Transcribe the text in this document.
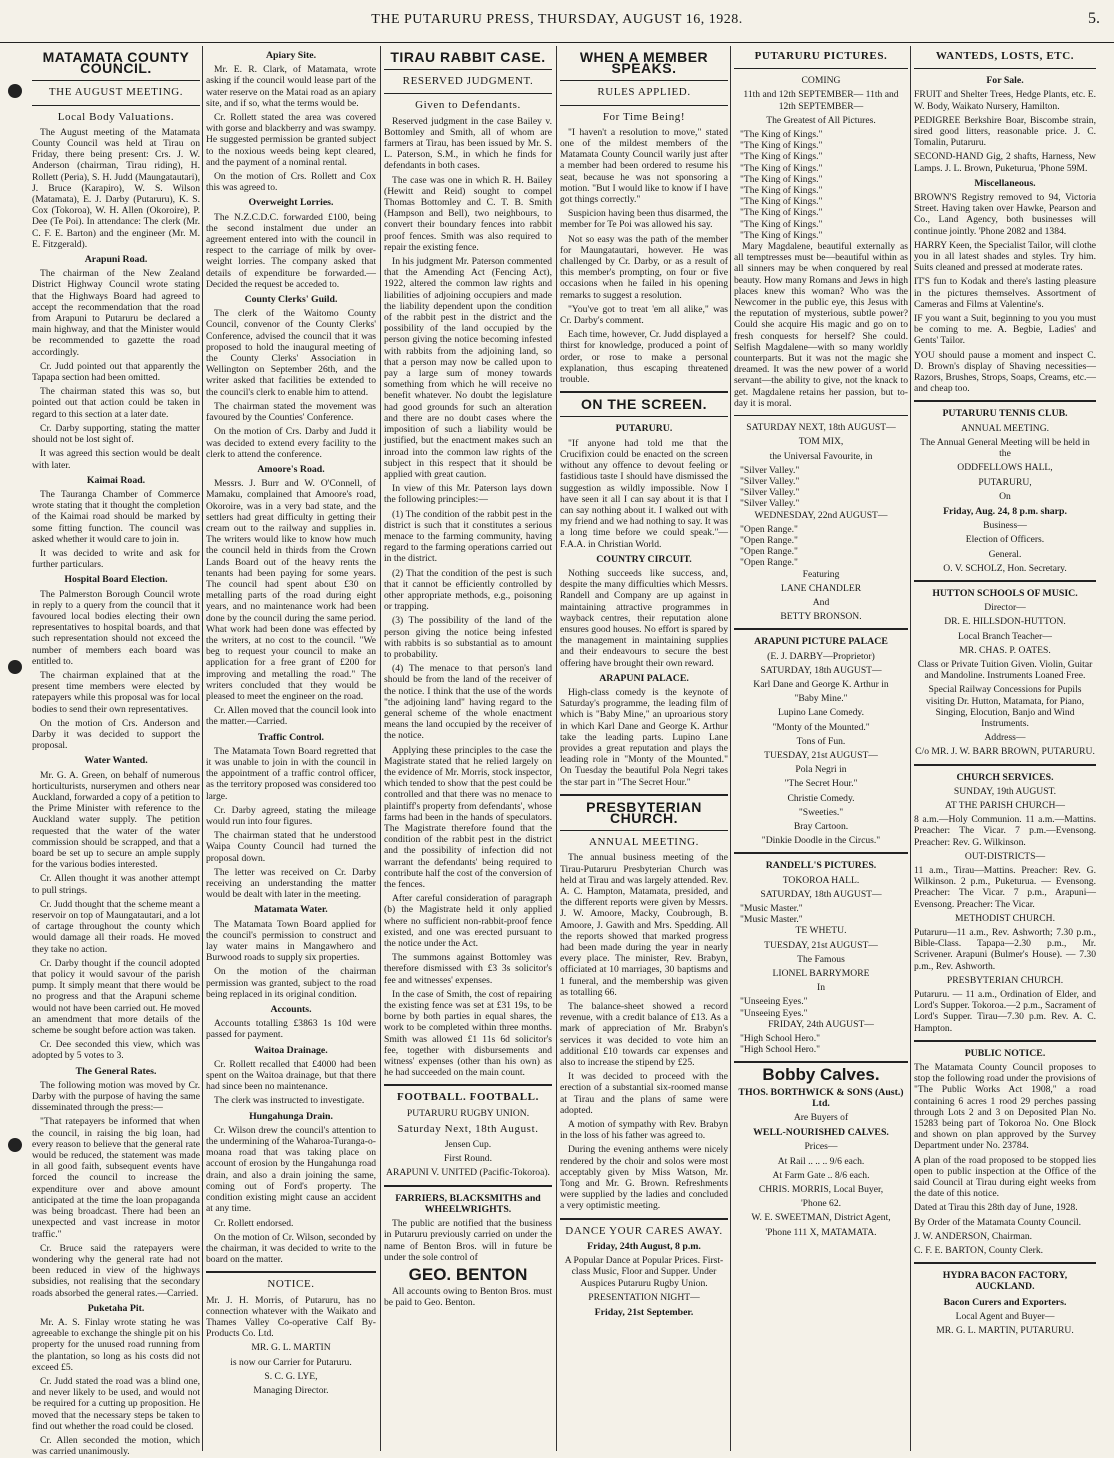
THE PUTARURU PRESS, THURSDAY, AUGUST 16, 1928.	5.
MATAMATA COUNTY COUNCIL.
THE AUGUST MEETING.
Local Body Valuations.

The August meeting of the Matamata County Council was held at Tirau on Friday, there being present: Crs. J. W. Anderson (chairman, Tirau riding), H. Rollett (Peria), S. H. Judd (Maungatautari), J. Bruce (Karapiro), W. S. Wilson (Matamata), E. J. Darby (Putaruru), K. S. Cox (Tokoroa), W. H. Allen (Okoroire), P. Dee (Te Poi). In attendance: The clerk (Mr. C. F. E. Barton) and the engineer (Mr. M. E. Fitzgerald).

Arapuni Road.

The chairman of the New Zealand District Highway Council wrote stating that the Highways Board had agreed to accept the recommendation that the road from Arapuni to Putaruru be declared a main highway, and that the Minister would be recommended to gazette the road accordingly.

Cr. Judd pointed out that apparently the Tapapa section had been omitted.

The chairman stated this was so, but pointed out that action could be taken in regard to this section at a later date.

Cr. Darby supporting, stating the matter should not be lost sight of.

It was agreed this section would be dealt with later.

Kaimai Road.

The Tauranga Chamber of Commerce wrote stating that it thought the completion of the Kaimai road should be marked by some fitting function. The council was asked whether it would care to join in.

It was decided to write and ask for further particulars.

Hospital Board Election.

The Palmerston Borough Council wrote in reply to a query from the council that it favoured local bodies electing their own representatives to hospital boards, and that such representation should not exceed the number of members each board was entitled to.

The chairman explained that at the present time members were elected by ratepayers while this proposal was for local bodies to send their own representatives.

On the motion of Crs. Anderson and Darby it was decided to support the proposal.

Water Wanted.

Mr. G. A. Green, on behalf of numerous horticulturists, nurserymen and others near Auckland, forwarded a copy of a petition to the Prime Minister with reference to the Auckland water supply. The petition requested that the water of the water commission should be scrapped, and that a board be set up to secure an ample supply for the various bodies interested.

Cr. Allen thought it was another attempt to pull strings.

Cr. Judd thought that the scheme meant a reservoir on top of Maungatautari, and a lot of cartage throughout the county which would damage all their roads. He moved they take no action.

Cr. Darby thought if the council adopted that policy it would savour of the parish pump. It simply meant that there would be no progress and that the Arapuni scheme would not have been carried out. He moved an amendment that more details of the scheme be sought before action was taken.

Cr. Dee seconded this view, which was adopted by 5 votes to 3.

The General Rates.

The following motion was moved by Cr. Darby with the purpose of having the same disseminated through the press:—

"That ratepayers be informed that when the council, in raising the big loan, had every reason to believe that the general rate would be reduced, the statement was made in all good faith, subsequent events have forced the council to increase the expenditure over and above amount anticipated at the time the loan propaganda was being broadcast. There had been an unexpected and vast increase in motor traffic."

Cr. Bruce said the ratepayers were wondering why the general rate had not been reduced in view of the highways subsidies, not realising that the secondary roads absorbed the general rates.—Carried.

Puketaha Pit.

Mr. A. S. Finlay wrote stating he was agreeable to exchange the shingle pit on his property for the unused road running from the plantation, so long as his costs did not exceed £5.

Cr. Judd stated the road was a blind one, and never likely to be used, and would not be required for a cutting up proposition. He moved that the necessary steps be taken to find out whether the road could be closed.

Cr. Allen seconded the motion, which was carried unanimously.

Apiary Site.

Mr. E. R. Clark, of Matamata, wrote asking if the council would lease part of the water reserve on the Matai road as an apiary site, and if so, what the terms would be.

Cr. Rollett stated the area was covered with gorse and blackberry and was swampy. He suggested permission be granted subject to the noxious weeds being kept cleared, and the payment of a nominal rental.

On the motion of Crs. Rollett and Cox this was agreed to.

Overweight Lorries.

The N.Z.C.D.C. forwarded £100, being the second instalment due under an agreement entered into with the council in respect to the carriage of milk by over-weight lorries. The company asked that details of expenditure be forwarded.—Decided the request be acceded to.

County Clerks' Guild.

The clerk of the Waitomo County Council, convenor of the County Clerks' Conference, advised the council that it was proposed to hold the inaugural meeting of the County Clerks' Association in Wellington on September 26th, and the writer asked that facilities be extended to the council's clerk to enable him to attend.

The chairman stated the movement was favoured by the Counties' Conference.

On the motion of Crs. Darby and Judd it was decided to extend every facility to the clerk to attend the conference.

Amoore's Road.

Messrs. J. Burr and W. O'Connell, of Mamaku, complained that Amoore's road, Okoroire, was in a very bad state, and the settlers had great difficulty in getting their cream out to the railway and supplies in. The writers would like to know how much the council held in thirds from the Crown Lands Board out of the heavy rents the tenants had been paying for some years. The council had spent about £30 on metalling parts of the road during eight years, and no maintenance work had been done by the council during the same period. What work had been done was effected by the writers, at no cost to the council. "We beg to request your council to make an application for a free grant of £200 for improving and metalling the road." The writers concluded that they would be pleased to meet the engineer on the road.

Cr. Allen moved that the council look into the matter.—Carried.

Traffic Control.

The Matamata Town Board regretted that it was unable to join in with the council in the appointment of a traffic control officer, as the territory proposed was considered too large.

Cr. Darby agreed, stating the mileage would run into four figures.

The chairman stated that he understood Waipa County Council had turned the proposal down.

The letter was received on Cr. Darby receiving an understanding the matter would be dealt with later in the meeting.

Matamata Water.

The Matamata Town Board applied for the council's permission to construct and lay water mains in Mangawhero and Burwood roads to supply six properties.

On the motion of the chairman permission was granted, subject to the road being replaced in its original condition.

Accounts.

Accounts totalling £3863 1s 10d were passed for payment.

Waitoa Drainage.

Cr. Rollett recalled that £4000 had been spent on the Waitoa drainage, but that there had since been no maintenance.

The clerk was instructed to investigate.

Hungahunga Drain.

Cr. Wilson drew the council's attention to the undermining of the Waharoa-Turanga-o-moana road that was taking place on account of erosion by the Hungahunga road drain, and also a drain joining the same, coming out of Ford's property. The condition existing might cause an accident at any time.

Cr. Rollett endorsed.

On the motion of Cr. Wilson, seconded by the chairman, it was decided to write to the board on the matter.

NOTICE.

Mr. J. H. Morris, of Putaruru, has no connection whatever with the Waikato and Thames Valley Co-operative Calf By-Products Co. Ltd.

MR. G. L. MARTIN

is now our Carrier for Putaruru.

S. C. G. LYE,

Managing Director.

TIRAU RABBIT CASE.
RESERVED JUDGMENT.
Given to Defendants.

Reserved judgment in the case Bailey v. Bottomley and Smith, all of whom are farmers at Tirau, has been issued by Mr. S. L. Paterson, S.M., in which he finds for defendants in both cases.

The case was one in which R. H. Bailey (Hewitt and Reid) sought to compel Thomas Bottomley and C. T. B. Smith (Hampson and Bell), two neighbours, to convert their boundary fences into rabbit proof fences. Smith was also required to repair the existing fence.

In his judgment Mr. Paterson commented that the Amending Act (Fencing Act), 1922, altered the common law rights and liabilities of adjoining occupiers and made the liability dependent upon the condition of the rabbit pest in the district and the possibility of the land occupied by the person giving the notice becoming infested with rabbits from the adjoining land, so that a person may now be called upon to pay a large sum of money towards something from which he will receive no benefit whatever. No doubt the legislature had good grounds for such an alteration and there are no doubt cases where the imposition of such a liability would be justified, but the enactment makes such an inroad into the common law rights of the subject in this respect that it should be applied with great caution.

In view of this Mr. Paterson lays down the following principles:—

(1) The condition of the rabbit pest in the district is such that it constitutes a serious menace to the farming community, having regard to the farming operations carried out in the district.

(2) That the condition of the pest is such that it cannot be efficiently controlled by other appropriate methods, e.g., poisoning or trapping.

(3) The possibility of the land of the person giving the notice being infested with rabbits is so substantial as to amount to probability.

(4) The menace to that person's land should be from the land of the receiver of the notice. I think that the use of the words "the adjoining land" having regard to the general scheme of the whole enactment means the land occupied by the receiver of the notice.

Applying these principles to the case the Magistrate stated that he relied largely on the evidence of Mr. Morris, stock inspector, which tended to show that the pest could be controlled and that there was no menace to plaintiff's property from defendants', whose farms had been in the hands of speculators. The Magistrate therefore found that the condition of the rabbit pest in the district and the possibility of infection did not warrant the defendants' being required to contribute half the cost of the conversion of the fences.

After careful consideration of paragraph (b) the Magistrate held it only applied where no sufficient non-rabbit-proof fence existed, and one was erected pursuant to the notice under the Act.

The summons against Bottomley was therefore dismissed with £3 3s solicitor's fee and witnesses' expenses.

In the case of Smith, the cost of repairing the existing fence was set at £31 19s, to be borne by both parties in equal shares, the work to be completed within three months. Smith was allowed £1 11s 6d solicitor's fee, together with disbursements and witness' expenses (other than his own) as he had succeeded on the main count.

FOOTBALL. FOOTBALL.

PUTARURU RUGBY UNION.

Saturday Next, 18th August.

Jensen Cup.

First Round.

ARAPUNI V. UNITED (Pacific-Tokoroa).

FARRIERS, BLACKSMITHS and WHEELWRIGHTS.

The public are notified that the business in Putaruru previously carried on under the name of Benton Bros. will in future be under the sole control of

GEO. BENTON

All accounts owing to Benton Bros. must be paid to Geo. Benton.

WHEN A MEMBER SPEAKS.
RULES APPLIED.
For Time Being!

"I haven't a resolution to move," stated one of the mildest members of the Matamata County Council warily just after a member had been ordered to resume his seat, because he was not sponsoring a motion. "But I would like to know if I have got things correctly."

Suspicion having been thus disarmed, the member for Te Poi was allowed his say.

Not so easy was the path of the member for Maungatautari, however. He was challenged by Cr. Darby, or as a result of this member's prompting, on four or five occasions when he failed in his opening remarks to suggest a resolution.

"You've got to treat 'em all alike," was Cr. Darby's comment.

Each time, however, Cr. Judd displayed a thirst for knowledge, produced a point of order, or rose to make a personal explanation, thus escaping threatened trouble.

ON THE SCREEN.
PUTARURU.

"If anyone had told me that the Crucifixion could be enacted on the screen without any offence to devout feeling or fastidious taste I should have dismissed the suggestion as wildly impossible. Now I have seen it all I can say about it is that I can say nothing about it. I walked out with my friend and we had nothing to say. It was a long time before we could speak."—F.A.A. in Christian World.

COUNTRY CIRCUIT.

Nothing succeeds like success, and, despite the many difficulties which Messrs. Randell and Company are up against in maintaining attractive programmes in wayback centres, their reputation alone ensures good houses. No effort is spared by the management in maintaining supplies and their endeavours to secure the best offering have brought their own reward.

ARAPUNI PALACE.

High-class comedy is the keynote of Saturday's programme, the leading film of which is "Baby Mine," an uproarious story in which Karl Dane and George K. Arthur take the leading parts. Lupino Lane provides a great reputation and plays the leading role in "Monty of the Mounted." On Tuesday the beautiful Pola Negri takes the star part in "The Secret Hour."

PRESBYTERIAN CHURCH.
ANNUAL MEETING.

The annual business meeting of the Tirau-Putaruru Presbyterian Church was held at Tirau and was largely attended. Rev. A. C. Hampton, Matamata, presided, and the different reports were given by Messrs. J. W. Amoore, Macky, Coubrough, B. Amoore, J. Gawith and Mrs. Spedding. All the reports showed that marked progress had been made during the year in nearly every place. The minister, Rev. Brabyn, officiated at 10 marriages, 30 baptisms and 1 funeral, and the membership was given as totalling 66.

The balance-sheet showed a record revenue, with a credit balance of £13. As a mark of appreciation of Mr. Brabyn's services it was decided to vote him an additional £10 towards car expenses and also to increase the stipend by £25.

It was decided to proceed with the erection of a substantial six-roomed manse at Tirau and the plans of same were adopted.

A motion of sympathy with Rev. Brabyn in the loss of his father was agreed to.

During the evening anthems were nicely rendered by the choir and solos were most acceptably given by Miss Watson, Mr. Tong and Mr. G. Brown. Refreshments were supplied by the ladies and concluded a very optimistic meeting.

DANCE YOUR CARES AWAY.
Friday, 24th August, 8 p.m.

A Popular Dance at Popular Prices. First-class Music, Floor and Supper. Under Auspices Putaruru Rugby Union.

PRESENTATION NIGHT—

Friday, 21st September.
PUTARURU PICTURES.

COMING

11th and 12th SEPTEMBER— 11th and 12th SEPTEMBER—

The Greatest of All Pictures.

"The King of Kings."

"The King of Kings."

"The King of Kings."

"The King of Kings."

"The King of Kings."

"The King of Kings."

"The King of Kings."

"The King of Kings."

"The King of Kings."

"The King of Kings."

Mary Magdalene, beautiful externally as all temptresses must be—beautiful within as all sinners may be when conquered by real beauty. How many Romans and Jews in high places knew this woman? Who was the Newcomer in the public eye, this Jesus with the reputation of mysterious, subtle power? Could she acquire His magic and go on to fresh conquests for herself? She could. Selfish Magdalene—with so many worldly counterparts. But it was not the magic she dreamed. It was the new power of a world servant—the ability to give, not the knack to get. Magdalene retains her passion, but to-day it is moral.

SATURDAY NEXT, 18th AUGUST—

TOM MIX,

the Universal Favourite, in

"Silver Valley."

"Silver Valley."

"Silver Valley."

"Silver Valley."

WEDNESDAY, 22nd AUGUST—

"Open Range."

"Open Range."

"Open Range."

"Open Range."

Featuring

LANE CHANDLER

And

BETTY BRONSON.

ARAPUNI PICTURE PALACE

(E. J. DARBY—Proprietor)

SATURDAY, 18th AUGUST—

Karl Dane and George K. Arthur in

"Baby Mine."

Lupino Lane Comedy.

"Monty of the Mounted."

Tons of Fun.

TUESDAY, 21st AUGUST—

Pola Negri in

"The Secret Hour."

Christie Comedy.

"Sweeties."

Bray Cartoon.

"Dinkie Doodle in the Circus."

RANDELL'S PICTURES.

TOKOROA HALL.

SATURDAY, 18th AUGUST—

"Music Master."

"Music Master."

TE WHETU.

TUESDAY, 21st AUGUST—

The Famous

LIONEL BARRYMORE

In

"Unseeing Eyes."

"Unseeing Eyes."

FRIDAY, 24th AUGUST—

"High School Hero."

"High School Hero."

Bobby Calves.
THOS. BORTHWICK & SONS (Aust.) Ltd.

Are Buyers of

WELL-NOURISHED CALVES.

Prices—

At Rail .. .. .. 9/6 each.

At Farm Gate .. 8/6 each.

CHRIS. MORRIS, Local Buyer,

'Phone 62.

W. E. SWEETMAN, District Agent,

'Phone 111 X, MATAMATA.

WANTEDS, LOSTS, ETC.
For Sale.

FRUIT and Shelter Trees, Hedge Plants, etc. E. W. Body, Waikato Nursery, Hamilton.

PEDIGREE Berkshire Boar, Biscombe strain, sired good litters, reasonable price. J. C. Tomalin, Putaruru.

SECOND-HAND Gig, 2 shafts, Harness, New Lamps. J. L. Brown, Puketurua, 'Phone 59M.

Miscellaneous.

BROWN'S Registry removed to 94, Victoria Street. Having taken over Hawke, Pearson and Co., Land Agency, both businesses will continue jointly. 'Phone 2082 and 1384.

HARRY Keen, the Specialist Tailor, will clothe you in all latest shades and styles. Try him. Suits cleaned and pressed at moderate rates.

IT'S fun to Kodak and there's lasting pleasure in the pictures themselves. Assortment of Cameras and Films at Valentine's.

IF you want a Suit, beginning to you you must be coming to me. A. Begbie, Ladies' and Gents' Tailor.

YOU should pause a moment and inspect C. D. Brown's display of Shaving necessities—Razors, Brushes, Strops, Soaps, Creams, etc.—and cheap too.

PUTARURU TENNIS CLUB.

ANNUAL MEETING.

The Annual General Meeting will be held in the

ODDFELLOWS HALL,

PUTARURU,

On

Friday, Aug. 24, 8 p.m. sharp.

Business—

Election of Officers.

General.

O. V. SCHOLZ, Hon. Secretary.

HUTTON SCHOOLS OF MUSIC.

Director—

DR. E. HILLSDON-HUTTON.

Local Branch Teacher—

MR. CHAS. P. OATES.

Class or Private Tuition Given. Violin, Guitar and Mandoline. Instruments Loaned Free.

Special Railway Concessions for Pupils visiting Dr. Hutton, Matamata, for Piano, Singing, Elocution, Banjo and Wind Instruments.

Address—

C/o MR. J. W. BARR BROWN, PUTARURU.

CHURCH SERVICES.

SUNDAY, 19th AUGUST.

AT THE PARISH CHURCH—

8 a.m.—Holy Communion. 11 a.m.—Mattins. Preacher: The Vicar. 7 p.m.—Evensong. Preacher: Rev. G. Wilkinson.

OUT-DISTRICTS—

11 a.m., Tirau—Mattins. Preacher: Rev. G. Wilkinson. 2 p.m., Puketurua. — Evensong. Preacher: The Vicar. 7 p.m., Arapuni—Evensong. Preacher: The Vicar.

METHODIST CHURCH.

Putaruru—11 a.m., Rev. Ashworth; 7.30 p.m., Bible-Class. Tapapa—2.30 p.m., Mr. Scrivener. Arapuni (Bulmer's House). — 7.30 p.m., Rev. Ashworth.

PRESBYTERIAN CHURCH.

Putaruru. — 11 a.m., Ordination of Elder, and Lord's Supper. Tokoroa.—2 p.m., Sacrament of Lord's Supper. Tirau—7.30 p.m. Rev. A. C. Hampton.

PUBLIC NOTICE.

The Matamata County Council proposes to stop the following road under the provisions of "The Public Works Act 1908," a road containing 6 acres 1 rood 29 perches passing through Lots 2 and 3 on Deposited Plan No. 15283 being part of Tokoroa No. One Block and shown on plan approved by the Survey Department under No. 23784.

A plan of the road proposed to be stopped lies open to public inspection at the Office of the said Council at Tirau during eight weeks from the date of this notice.

Dated at Tirau this 28th day of June, 1928.

By Order of the Matamata County Council.

J. W. ANDERSON, Chairman.

C. F. E. BARTON, County Clerk.

HYDRA BACON FACTORY, AUCKLAND.
Bacon Curers and Exporters.

Local Agent and Buyer—

MR. G. L. MARTIN, PUTARURU.
